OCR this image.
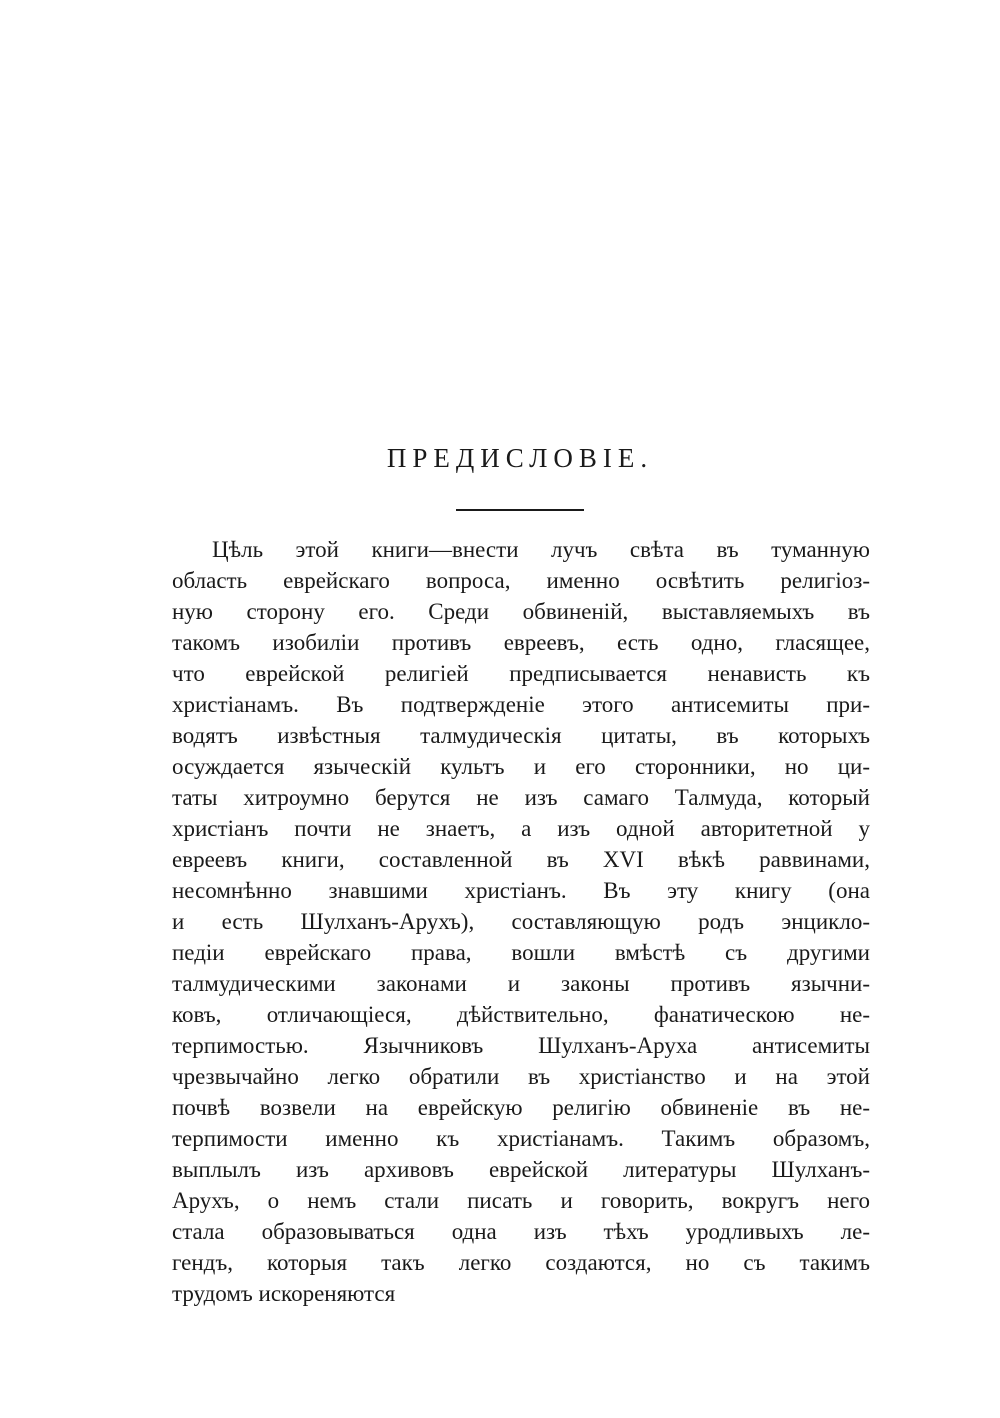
ПРЕДИСЛОВІЕ.
Цѣль этой книги—внести лучъ свѣта въ туманную
область еврейскаго вопроса, именно освѣтить религіоз-
ную сторону его. Среди обвиненій, выставляемыхъ въ
такомъ изобиліи противъ евреевъ, есть одно, гласящее,
что еврейской религіей предписывается ненависть къ
христіанамъ. Въ подтвержденіе этого антисемиты при-
водятъ извѣстныя талмудическія цитаты, въ которыхъ
осуждается языческій культъ и его сторонники, но ци-
таты хитроумно берутся не изъ самаго Талмуда, который
христіанъ почти не знаетъ, а изъ одной авторитетной у
евреевъ книги, составленной въ XVI вѣкѣ раввинами,
несомнѣнно знавшими христіанъ. Въ эту книгу (она
и есть Шулханъ-Арухъ), составляющую родъ энциклo-
педіи еврейскаго права, вошли вмѣстѣ съ другими
талмудическими законами и законы противъ язычни-
ковъ, отличающіеся, дѣйствительно, фанатическою не-
терпимостью. Язычниковъ Шулханъ-Аруха антисемиты
чрезвычайно легко обратили въ христіанство и на этой
почвѣ возвели на еврейскую религію обвиненіе въ не-
терпимости именно къ христіанамъ. Такимъ образомъ,
выплылъ изъ архивовъ еврейской литературы Шулханъ-
Арухъ, о немъ стали писать и говорить, вокругъ него
стала образовываться одна изъ тѣхъ уродливыхъ ле-
гендъ, которыя такъ легко создаются, но съ такимъ
трудомъ искореняются
